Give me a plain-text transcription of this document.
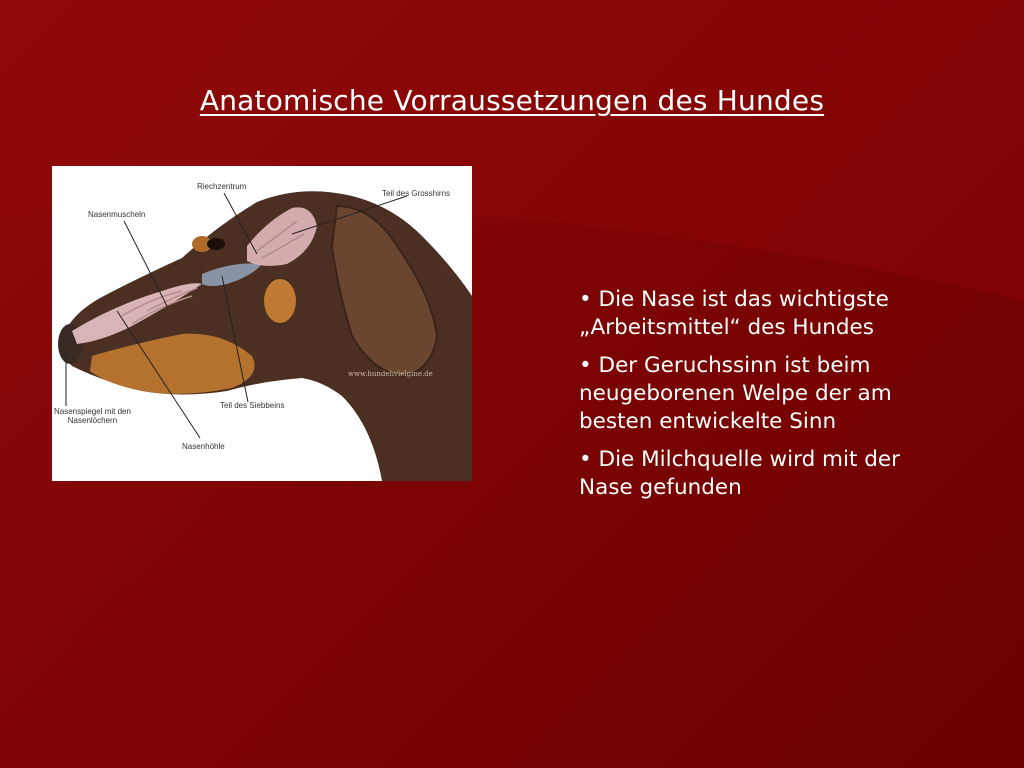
Anatomische Vorraussetzungen des Hundes
Riechzentrum
Teil des Grosshirns
Nasenmuscheln
Nasenspiegel mit den
Nasenlöchern
Teil des Siebbeins
Nasenhöhle
www.hundehvielgine.de
• Die Nase ist das wichtigste „Arbeitsmittel“ des Hundes
• Der Geruchssinn ist beim neugeborenen Welpe der am besten entwickelte Sinn
• Die Milchquelle wird mit der Nase gefunden
